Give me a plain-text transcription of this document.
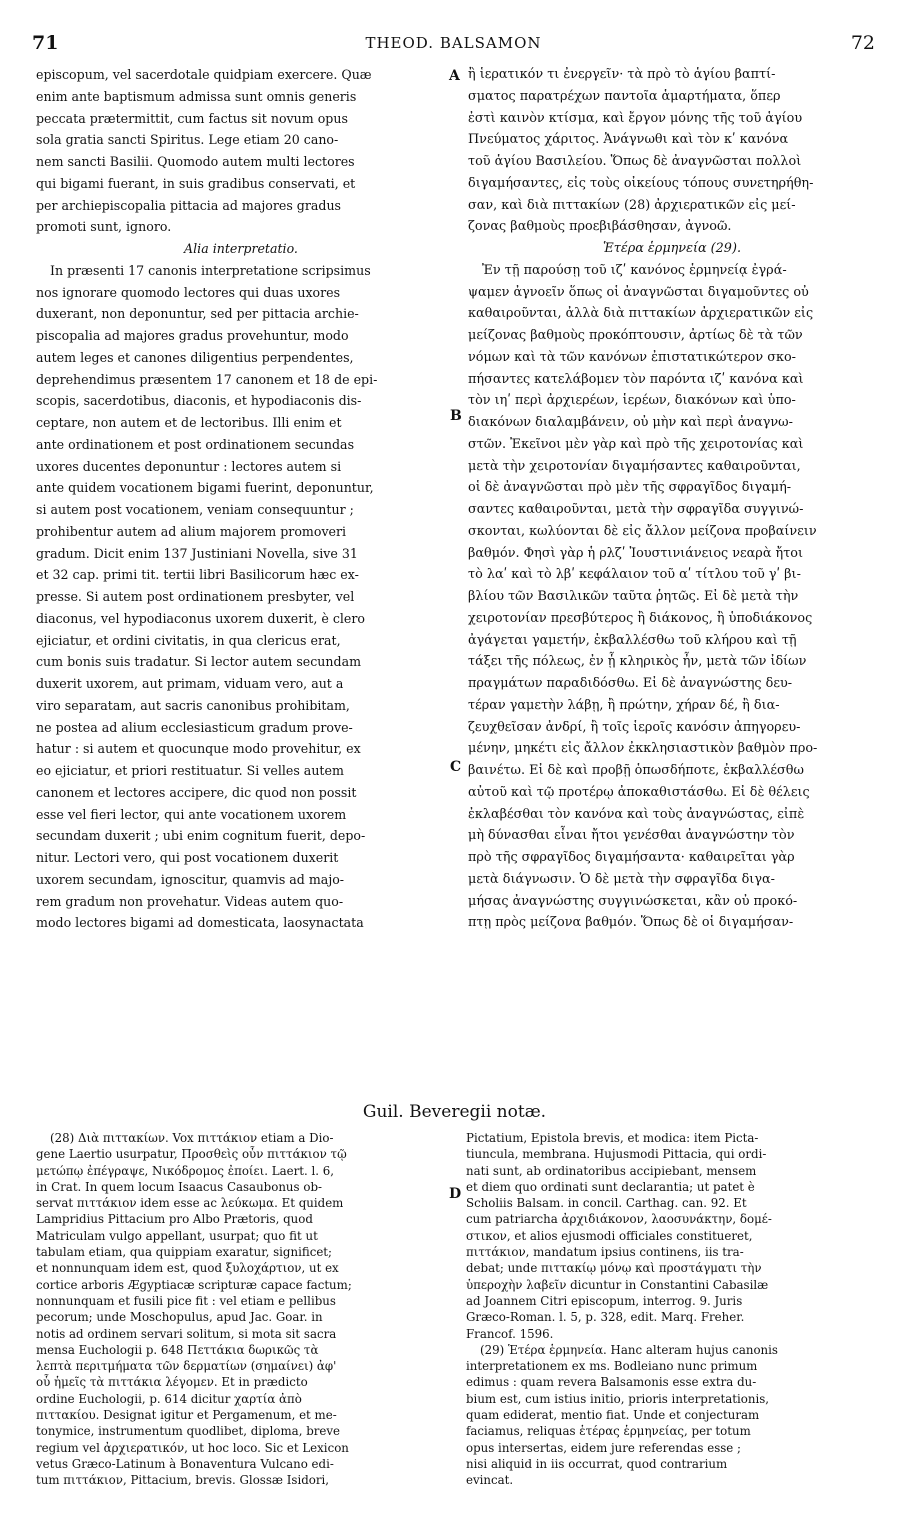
71	THEOD. BALSAMON	72
episcopum, vel sacerdotale quidpiam exercere. Quæ
enim ante baptismum admissa sunt omnis generis
peccata prætermittit, cum factus sit novum opus
sola gratia sancti Spiritus. Lege etiam 20 cano-
nem sancti Basilii. Quomodo autem multi lectores
qui bigami fuerant, in suis gradibus conservati, et
per archiepiscopalia pittacia ad majores gradus
promoti sunt, ignoro.
Alia interpretatio.
In præsenti 17 canonis interpretatione scripsimus
nos ignorare quomodo lectores qui duas uxores
duxerant, non deponuntur, sed per pittacia archie-
piscopalia ad majores gradus provehuntur, modo
autem leges et canones diligentius perpendentes,
deprehendimus præsentem 17 canonem et 18 de epi-
scopis, sacerdotibus, diaconis, et hypodiaconis dis-
ceptare, non autem et de lectoribus. Illi enim et
ante ordinationem et post ordinationem secundas
uxores ducentes deponuntur : lectores autem si
ante quidem vocationem bigami fuerint, deponuntur,
si autem post vocationem, veniam consequuntur ;
prohibentur autem ad alium majorem promoveri
gradum. Dicit enim 137 Justiniani Novella, sive 31
et 32 cap. primi tit. tertii libri Basilicorum hæc ex-
presse. Si autem post ordinationem presbyter, vel
diaconus, vel hypodiaconus uxorem duxerit, è clero
ejiciatur, et ordini civitatis, in qua clericus erat,
cum bonis suis tradatur. Si lector autem secundam
duxerit uxorem, aut primam, viduam vero, aut a
viro separatam, aut sacris canonibus prohibitam,
ne postea ad alium ecclesiasticum gradum prove-
hatur : si autem et quocunque modo provehitur, ex
eo ejiciatur, et priori restituatur. Si velles autem
canonem et lectores accipere, dic quod non possit
esse vel fieri lector, qui ante vocationem uxorem
secundam duxerit ; ubi enim cognitum fuerit, depo-
nitur. Lectori vero, qui post vocationem duxerit
uxorem secundam, ignoscitur, quamvis ad majo-
rem gradum non provehatur. Videas autem quo-
modo lectores bigami ad domesticata, laosynactata
ἢ ἱερατικόν τι ἐνεργεῖν· τὰ πρὸ τὸ ἁγίου βαπτί-
σματος παρατρέχων παντοῖα ἁμαρτήματα, ὅπερ
ἐστὶ καινὸν κτίσμα, καὶ ἔργον μόνης τῆς τοῦ ἁγίου
Πνεύματος χάριτος. Ἀνάγνωθι καὶ τὸν κʹ κανόνα
τοῦ ἁγίου Βασιλείου. Ὅπως δὲ ἀναγνῶσται πολλοὶ
διγαμήσαντες, εἰς τοὺς οἰκείους τόπους συνετηρήθη-
σαν, καὶ διὰ πιττακίων (28) ἀρχιερατικῶν εἰς μεί-
ζονας βαθμοὺς προεβιβάσθησαν, ἀγνοῶ.
Ἑτέρα ἑρμηνεία (29).
Ἐν τῇ παρούσῃ τοῦ ιζʹ κανόνος ἑρμηνείᾳ ἐγρά-
ψαμεν ἀγνοεῖν ὅπως οἱ ἀναγνῶσται διγαμοῦντες οὐ
καθαιροῦνται, ἀλλὰ διὰ πιττακίων ἀρχιερατικῶν εἰς
μείζονας βαθμοὺς προκόπτουσιν, ἀρτίως δὲ τὰ τῶν
νόμων καὶ τὰ τῶν κανόνων ἐπιστατικώτερον σκο-
πήσαντες κατελάβομεν τὸν παρόντα ιζʹ κανόνα καὶ
τὸν ιηʹ περὶ ἀρχιερέων, ἱερέων, διακόνων καὶ ὑπο-
διακόνων διαλαμβάνειν, οὐ μὴν καὶ περὶ ἀναγνω-
στῶν. Ἐκεῖνοι μὲν γὰρ καὶ πρὸ τῆς χειροτονίας καὶ
μετὰ τὴν χειροτονίαν διγαμήσαντες καθαιροῦνται,
οἱ δὲ ἀναγνῶσται πρὸ μὲν τῆς σφραγῖδος διγαμή-
σαντες καθαιροῦνται, μετὰ τὴν σφραγῖδα συγγινώ-
σκονται, κωλύονται δὲ εἰς ἄλλον μείζονα προβαίνειν
βαθμόν. Φησὶ γὰρ ἡ ρλζʹ Ἰουστινιάνειος νεαρὰ ἤτοι
τὸ λαʹ καὶ τὸ λβʹ κεφάλαιον τοῦ αʹ τίτλου τοῦ γʹ βι-
βλίου τῶν Βασιλικῶν ταῦτα ῥητῶς. Εἰ δὲ μετὰ τὴν
χειροτονίαν πρεσβύτερος ἢ διάκονος, ἢ ὑποδιάκονος
ἀγάγεται γαμετήν, ἐκβαλλέσθω τοῦ κλήρου καὶ τῇ
τάξει τῆς πόλεως, ἐν ᾗ κληρικὸς ἦν, μετὰ τῶν ἰδίων
πραγμάτων παραδιδόσθω. Εἰ δὲ ἀναγνώστης δευ-
τέραν γαμετὴν λάβῃ, ἢ πρώτην, χήραν δέ, ἢ δια-
ζευχθεῖσαν ἀνδρί, ἢ τοῖς ἱεροῖς κανόσιν ἀπηγορευ-
μένην, μηκέτι εἰς ἄλλον ἐκκλησιαστικὸν βαθμὸν προ-
βαινέτω. Εἰ δὲ καὶ προβῇ ὁπωσδήποτε, ἐκβαλλέσθω
αὐτοῦ καὶ τῷ προτέρῳ ἀποκαθιστάσθω. Εἰ δὲ θέλεις
ἐκλαβέσθαι τὸν κανόνα καὶ τοὺς ἀναγνώστας, εἰπὲ
μὴ δύνασθαι εἶναι ἤτοι γενέσθαι ἀναγνώστην τὸν
πρὸ τῆς σφραγῖδος διγαμήσαντα· καθαιρεῖται γὰρ
μετὰ διάγνωσιν. Ὁ δὲ μετὰ τὴν σφραγῖδα διγα-
μήσας ἀναγνώστης συγγινώσκεται, κἂν οὐ προκό-
πτῃ πρὸς μείζονα βαθμόν. Ὅπως δὲ οἱ διγαμήσαν-
A
B
C
D
Guil. Beveregii notæ.
(28) Διὰ πιττακίων. Vox πιττάκιον etiam a Dio-
gene Laertio usurpatur, Προσθεὶς οὖν πιττάκιον τῷ
μετώπῳ ἐπέγραψε, Νικόδρομος ἐποίει. Laert. l. 6,
in Crat. In quem locum Isaacus Casaubonus ob-
servat πιττάκιον idem esse ac λεύκωμα. Et quidem
Lampridius Pittacium pro Albo Prætoris, quod
Matriculam vulgo appellant, usurpat; quo fit ut
tabulam etiam, qua quippiam exaratur, significet;
et nonnunquam idem est, quod ξυλοχάρτιον, ut ex
cortice arboris Ægyptiacæ scripturæ capace factum;
nonnunquam et fusili pice fit : vel etiam e pellibus
pecorum; unde Moschopulus, apud Jac. Goar. in
notis ad ordinem servari solitum, si mota sit sacra
mensa Euchologii p. 648 Πεττάκια δωρικῶς τὰ
λεπτὰ περιτμήματα τῶν δερματίων (σημαίνει) ἀφ'
οὗ ἡμεῖς τὰ πιττάκια λέγομεν. Et in prædicto
ordine Euchologii, p. 614 dicitur χαρτία ἀπὸ
πιττακίου. Designat igitur et Pergamenum, et me-
tonymice, instrumentum quodlibet, diploma, breve
regium vel ἀρχιερατικόν, ut hoc loco. Sic et Lexicon
vetus Græco-Latinum à Bonaventura Vulcano edi-
tum πιττάκιον, Pittacium, brevis. Glossæ Isidori,
Pictatium, Epistola brevis, et modica: item Picta-
tiuncula, membrana. Hujusmodi Pittacia, qui ordi-
nati sunt, ab ordinatoribus accipiebant, mensem
et diem quo ordinati sunt declarantia; ut patet è
Scholiis Balsam. in concil. Carthag. can. 92. Et
cum patriarcha ἀρχιδιάκονον, λαοσυνάκτην, δομέ-
στικον, et alios ejusmodi officiales constitueret,
πιττάκιον, mandatum ipsius continens, iis tra-
debat; unde πιττακίῳ μόνῳ καὶ προστάγματι τὴν
ὑπεροχὴν λαβεῖν dicuntur in Constantini Cabasilæ
ad Joannem Citri episcopum, interrog. 9. Juris
Græco-Roman. l. 5, p. 328, edit. Marq. Freher.
Francof. 1596.
(29) Ἑτέρα ἑρμηνεία. Hanc alteram hujus canonis
interpretationem ex ms. Bodleiano nunc primum
edimus : quam revera Balsamonis esse extra du-
bium est, cum istius initio, prioris interpretationis,
quam ediderat, mentio fiat. Unde et conjecturam
faciamus, reliquas ἑτέρας ἑρμηνείας, per totum
opus intersertas, eidem jure referendas esse ;
nisi aliquid in iis occurrat, quod contrarium
evincat.
